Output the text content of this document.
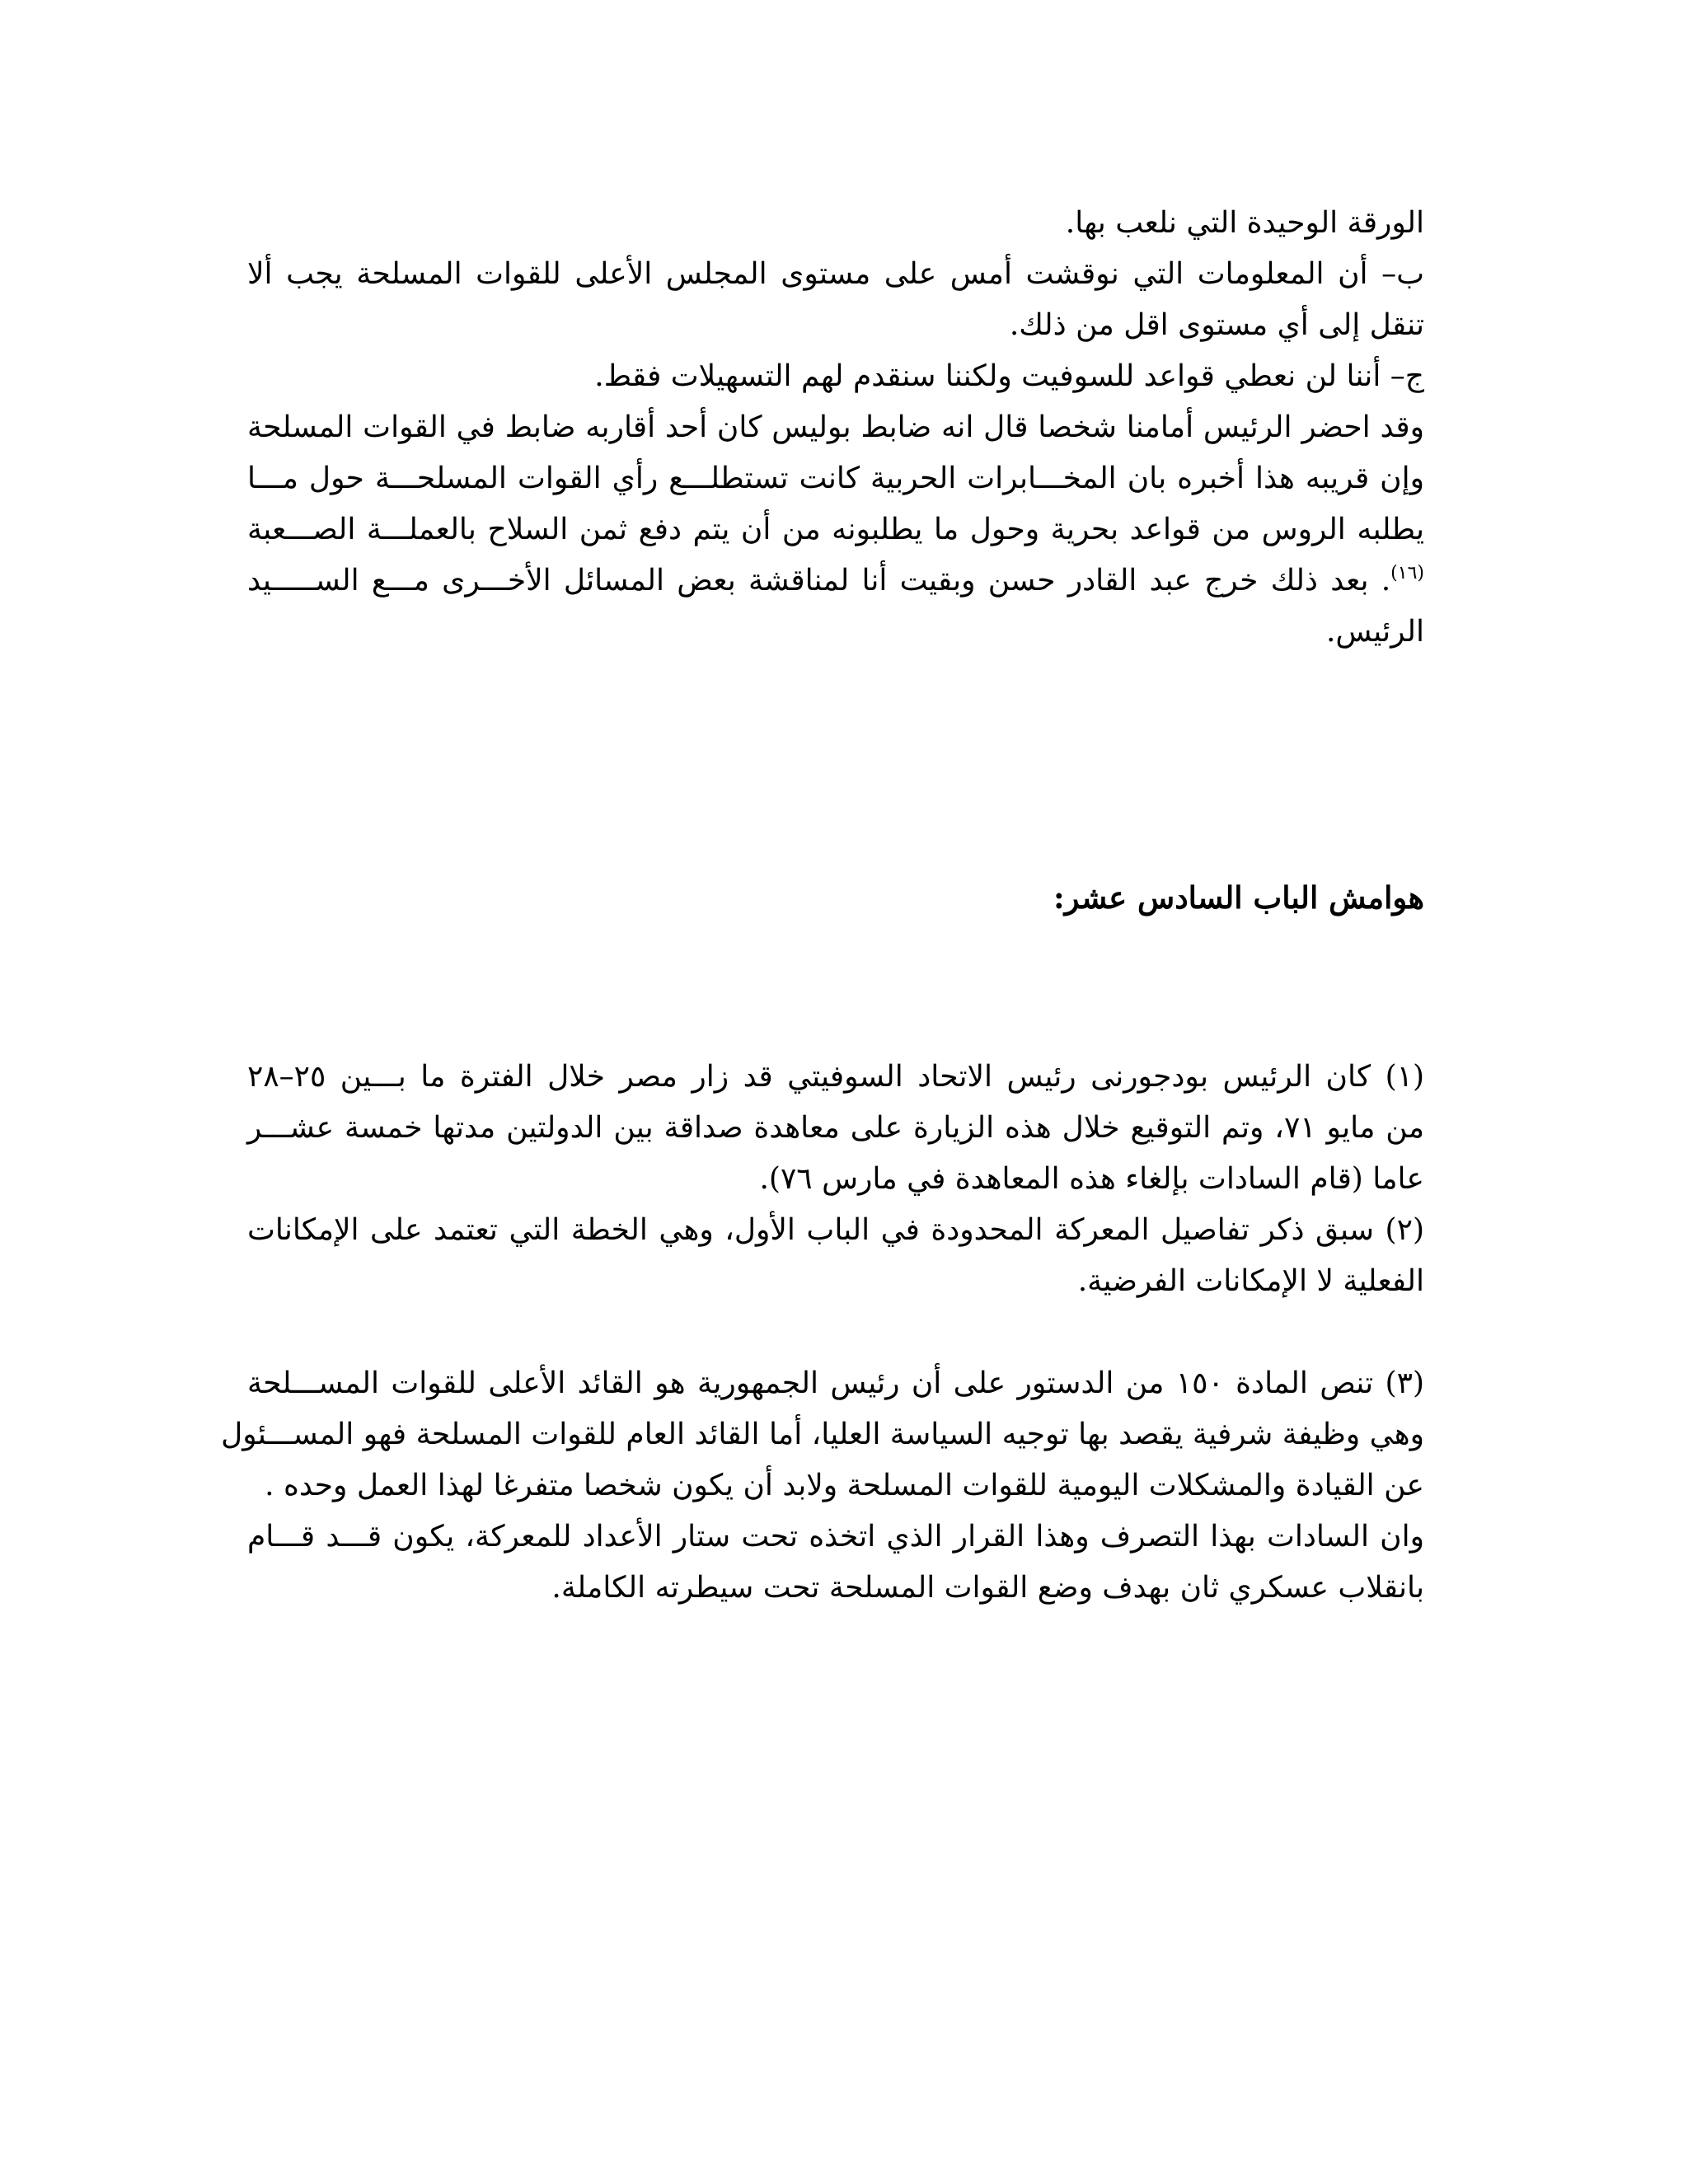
الورقة الوحيدة التي نلعب بها.
ب– أن المعلومات التي نوقشت أمس على مستوى المجلس الأعلى للقوات المسلحة يجب ألا
تنقل إلى أي مستوى اقل من ذلك.
ج– أننا لن نعطي قواعد للسوفيت ولكننا سنقدم لهم التسهيلات فقط.
وقد احضر الرئيس أمامنا شخصا قال انه ضابط بوليس كان أحد أقاربه ضابط في القوات المسلحة
وإن قريبه هذا أخبره بان المخـــابرات الحربية كانت تستطلـــع رأي القوات المسلحـــة حول مـــا
يطلبه الروس من قواعد بحرية وحول ما يطلبونه من أن يتم دفع ثمن السلاح بالعملـــة الصـــعبة
$^{(١٦)}$. بعد ذلك خرج عبد القادر حسن وبقيت أنا لمناقشة بعض المسائل الأخـــرى مـــع الســـــيد
الرئيس.
هوامش الباب السادس عشر:
(١) كان الرئيس بودجورنى رئيس الاتحاد السوفيتي قد زار مصر خلال الفترة ما بـــين ٢٥–٢٨
من مايو ٧١، وتم التوقيع خلال هذه الزيارة على معاهدة صداقة بين الدولتين مدتها خمسة عشـــر
عاما (قام السادات بإلغاء هذه المعاهدة في مارس ٧٦).
(٢) سبق ذكر تفاصيل المعركة المحدودة في الباب الأول، وهي الخطة التي تعتمد على الإمكانات
الفعلية لا الإمكانات الفرضية.
(٣) تنص المادة ١٥٠ من الدستور على أن رئيس الجمهورية هو القائد الأعلى للقوات المســـلحة
وهي وظيفة شرفية يقصد بها توجيه السياسة العليا، أما القائد العام للقوات المسلحة فهو المســـئول
عن القيادة والمشكلات اليومية للقوات المسلحة ولابد أن يكون شخصا متفرغا لهذا العمل وحده .
وان السادات بهذا التصرف وهذا القرار الذي اتخذه تحت ستار الأعداد للمعركة، يكون قـــد قـــام
بانقلاب عسكري ثان بهدف وضع القوات المسلحة تحت سيطرته الكاملة.
